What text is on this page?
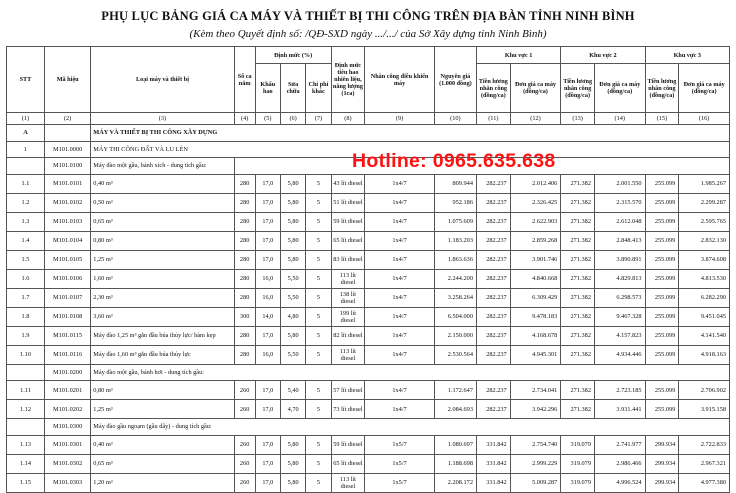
PHỤ LỤC BẢNG GIÁ CA MÁY VÀ THIẾT BỊ THI CÔNG TRÊN ĐỊA BÀN TỈNH NINH BÌNH
(Kèm theo Quyết định số: /QĐ-SXD ngày .../.../ của Sở Xây dựng tỉnh Ninh Bình)
STT	Mã hiệu	Loại máy và thiết bị	Số ca năm	Định mức (%)			Định mức tiêu hao nhiên liệu, năng lượng (1ca)	Nhân công điều khiển máy	Nguyên giá (1.000 đồng)	Khu vực 1		Khu vực 2		Khu vực 3	
				Khấu hao	Sửa chữa	Chi phí khác				Tiền lương nhân công (đồng/ca)	Đơn giá ca máy (đồng/ca)	Tiền lương nhân công (đồng/ca)	Đơn giá ca máy (đồng/ca)	Tiền lương nhân công (đồng/ca)	Đơn giá ca máy (đồng/ca)
(1)	(2)	(3)	(4)	(5)	(6)	(7)	(8)	(9)	(10)	(11)	(12)	(13)	(14)	(15)	(16)
A		MÁY VÀ THIẾT BỊ THI CÔNG XÂY DỰNG													
1	M101.0000	MÁY THI CÔNG ĐẤT VÀ LU LÈN													
	M101.0100	Máy đào một gầu, bánh xích - dung tích gầu:													
1.1	M101.0101	0,40 m³	280	17,0	5,80	5	43 lít diesel	1x4/7	809.944	282.237	2.012.406	271.382	2.001.550	255.099	1.985.267
1.2	M101.0102	0,50 m³	280	17,0	5,80	5	51 lít diesel	1x4/7	952.186	282.237	2.326.425	271.382	2.315.570	255.099	2.299.287
1.3	M101.0103	0,65 m³	280	17,0	5,80	5	59 lít diesel	1x4/7	1.075.609	282.237	2.622.903	271.382	2.612.048	255.099	2.595.765
1.4	M101.0104	0,80 m³	280	17,0	5,80	5	65 lít diesel	1x4/7	1.183.203	282.237	2.859.268	271.382	2.848.413	255.099	2.832.130
1.5	M101.0105	1,25 m³	280	17,0	5,80	5	83 lít diesel	1x4/7	1.863.636	282.237	3.901.746	271.382	3.890.891	255.099	3.874.608
1.6	M101.0106	1,60 m³	280	16,0	5,50	5	113 lít diesel	1x4/7	2.244.200	282.237	4.840.668	271.382	4.829.813	255.099	4.813.530
1.7	M101.0107	2,30 m³	280	16,0	5,50	5	138 lít diesel	1x4/7	3.258.264	282.237	6.309.429	271.382	6.298.573	255.099	6.282.290
1.8	M101.0108	3,60 m³	300	14,0	4,80	5	199 lít diesel	1x4/7	6.504.000	282.237	9.478.183	271.382	9.467.328	255.099	9.451.045
1.9	M101.0115	Máy đào 1,25 m³ gắn đầu búa thủy lực/ hàm kẹp	280	17,0	5,80	5	82 lít diesel	1x4/7	2.150.000	282.237	4.168.678	271.382	4.157.823	255.099	4.141.540
1.10	M101.0116	Máy đào 1,60 m³ gắn đầu búa thủy lực	280	16,0	5,50	5	113 lít diesel	1x4/7	2.530.564	282.237	4.945.301	271.382	4.934.446	255.099	4.918.163
	M101.0200	Máy đào một gầu, bánh hơi - dung tích gầu:													
1.11	M101.0201	0,80 m³	260	17,0	5,40	5	57 lít diesel	1x4/7	1.172.647	282.237	2.734.041	271.382	2.723.185	255.099	2.706.902
1.12	M101.0202	1,25 m³	260	17,0	4,70	5	73 lít diesel	1x4/7	2.084.693	282.237	3.942.296	271.382	3.931.441	255.099	3.915.158
	M101.0300	Máy đào gầu ngoạm (gầu dây) - dung tích gầu:													
1.13	M101.0301	0,40 m³	260	17,0	5,80	5	59 lít diesel	1x5/7	1.080.697	331.842	2.754.740	319.079	2.741.977	299.934	2.722.833
1.14	M101.0302	0,65 m³	260	17,0	5,80	5	65 lít diesel	1x5/7	1.188.698	331.842	2.999.229	319.079	2.986.466	299.934	2.967.321
1.15	M101.0303	1,20 m³	260	17,0	5,80	5	113 lít diesel	1x5/7	2.208.172	331.842	5.009.287	319.079	4.996.524	299.934	4.977.380
Hotline: 0965.635.638
